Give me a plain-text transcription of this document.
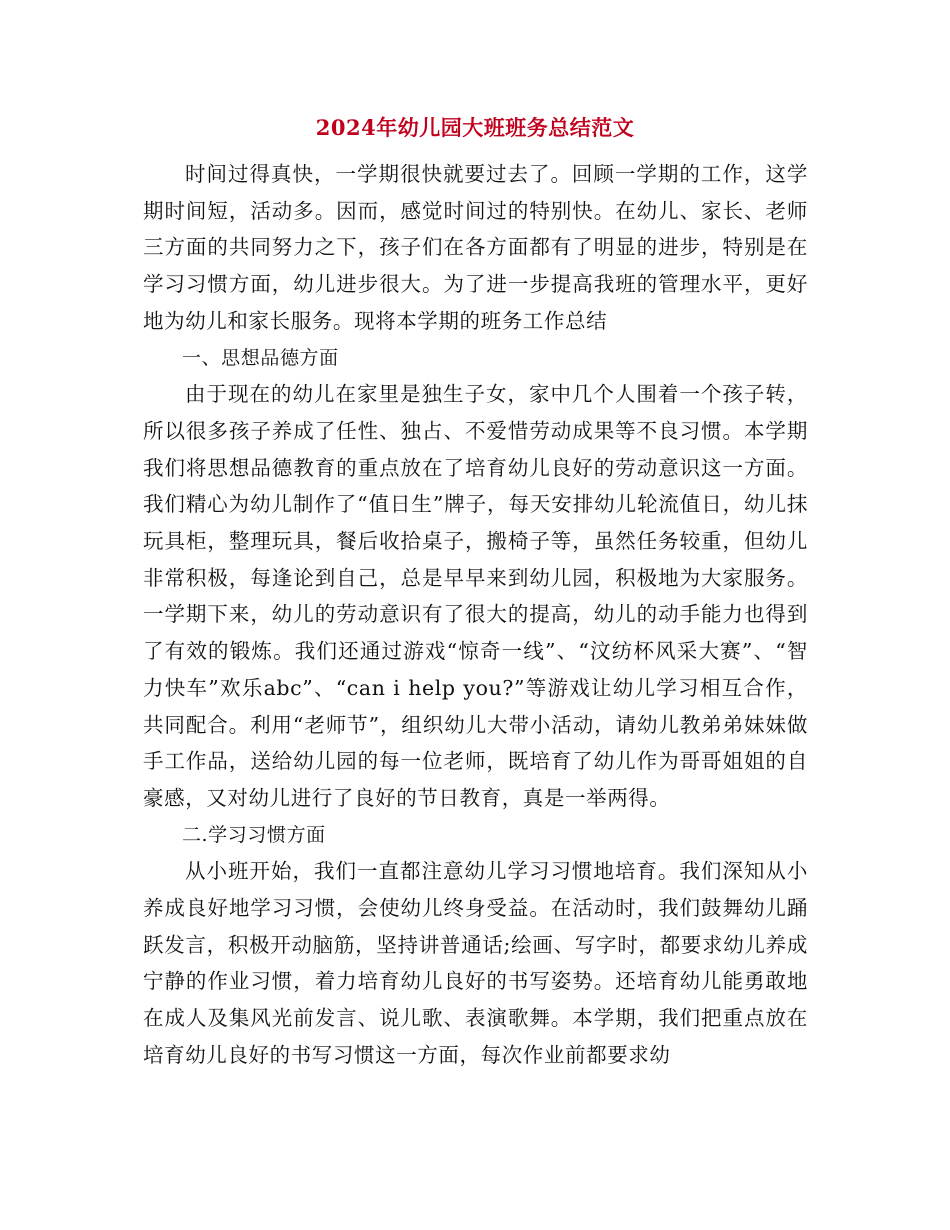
2024年幼儿园大班班务总结范文

时间过得真快，一学期很快就要过去了。回顾一学期的工作，这学期时间短，活动多。因而，感觉时间过的特别快。在幼儿、家长、老师三方面的共同努力之下，孩子们在各方面都有了明显的进步，特别是在学习习惯方面，幼儿进步很大。为了进一步提高我班的管理水平，更好地为幼儿和家长服务。现将本学期的班务工作总结

一、思想品德方面

由于现在的幼儿在家里是独生子女，家中几个人围着一个孩子转，所以很多孩子养成了任性、独占、不爱惜劳动成果等不良习惯。本学期我们将思想品德教育的重点放在了培育幼儿良好的劳动意识这一方面。我们精心为幼儿制作了“值日生”牌子，每天安排幼儿轮流值日，幼儿抹玩具柜，整理玩具，餐后收拾桌子，搬椅子等，虽然任务较重，但幼儿非常积极，每逢论到自己，总是早早来到幼儿园，积极地为大家服务。一学期下来，幼儿的劳动意识有了很大的提高，幼儿的动手能力也得到了有效的锻炼。我们还通过游戏“惊奇一线”、“汶纺杯风采大赛”、“智力快车”欢乐abc”、“can i help you?”等游戏让幼儿学习相互合作，共同配合。利用“老师节”，组织幼儿大带小活动，请幼儿教弟弟妹妹做手工作品，送给幼儿园的每一位老师，既培育了幼儿作为哥哥姐姐的自豪感，又对幼儿进行了良好的节日教育，真是一举两得。

二.学习习惯方面

从小班开始，我们一直都注意幼儿学习习惯地培育。我们深知从小养成良好地学习习惯，会使幼儿终身受益。在活动时，我们鼓舞幼儿踊跃发言，积极开动脑筋，坚持讲普通话;绘画、写字时，都要求幼儿养成宁静的作业习惯，着力培育幼儿良好的书写姿势。还培育幼儿能勇敢地在成人及集风光前发言、说儿歌、表演歌舞。本学期，我们把重点放在培育幼儿良好的书写习惯这一方面，每次作业前都要求幼
